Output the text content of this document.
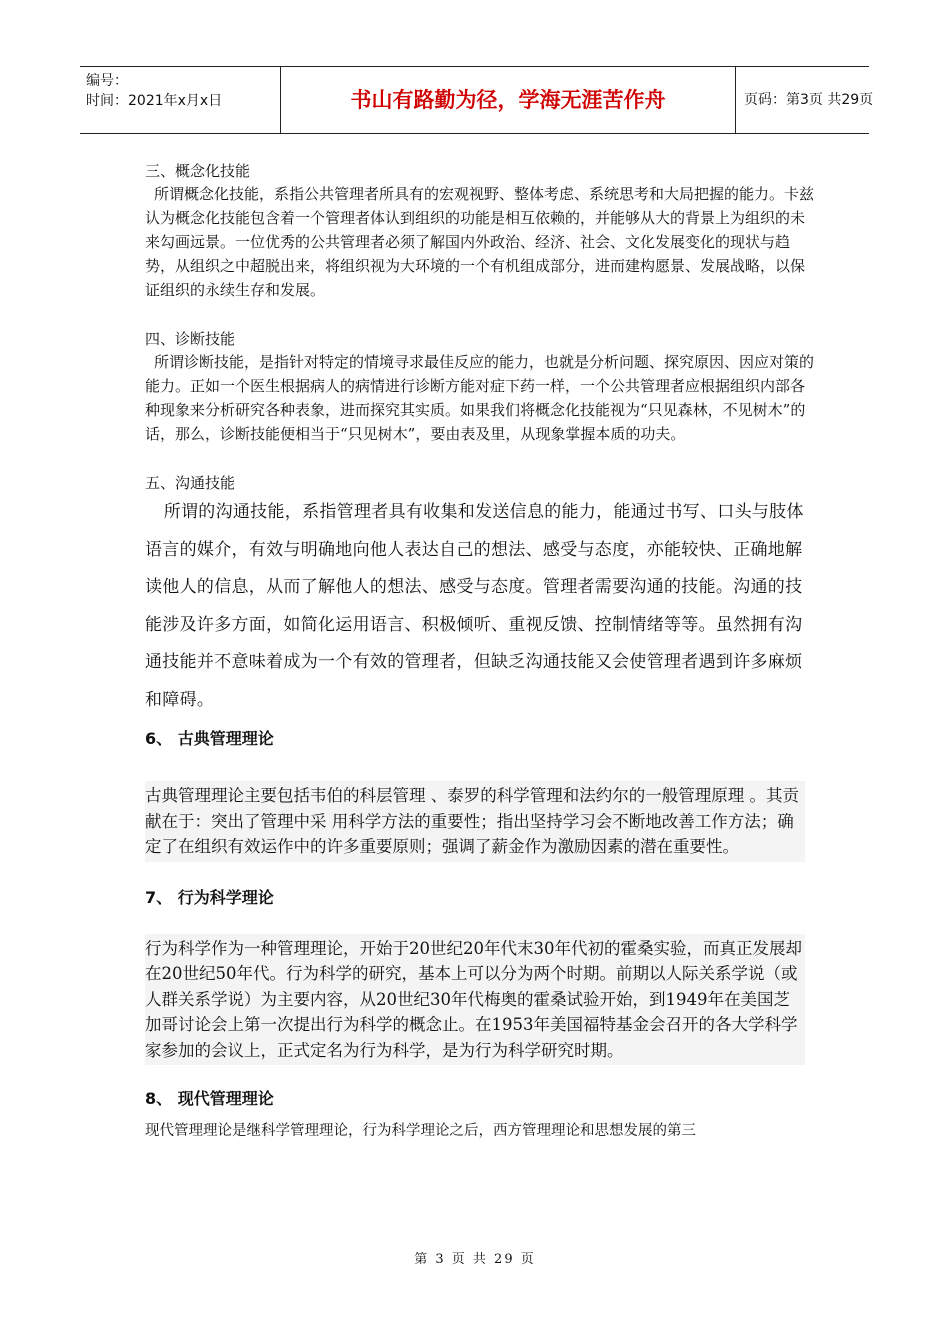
编号：
时间：2021年x月x日	书山有路勤为径，学海无涯苦作舟	页码：第3页 共29页

三、概念化技能

所谓概念化技能，系指公共管理者所具有的宏观视野、整体考虑、系统思考和大局把握的能力。卡兹认为概念化技能包含着一个管理者体认到组织的功能是相互依赖的，并能够从大的背景上为组织的未来勾画远景。一位优秀的公共管理者必须了解国内外政治、经济、社会、文化发展变化的现状与趋势，从组织之中超脱出来，将组织视为大环境的一个有机组成部分，进而建构愿景、发展战略，以保证组织的永续生存和发展。

四、诊断技能

所谓诊断技能，是指针对特定的情境寻求最佳反应的能力，也就是分析问题、探究原因、因应对策的能力。正如一个医生根据病人的病情进行诊断方能对症下药一样，一个公共管理者应根据组织内部各种现象来分析研究各种表象，进而探究其实质。如果我们将概念化技能视为“只见森林，不见树木”的话，那么，诊断技能便相当于“只见树木”，要由表及里，从现象掌握本质的功夫。

五、沟通技能

所谓的沟通技能，系指管理者具有收集和发送信息的能力，能通过书写、口头与肢体语言的媒介，有效与明确地向他人表达自己的想法、感受与态度，亦能较快、正确地解读他人的信息，从而了解他人的想法、感受与态度。管理者需要沟通的技能。沟通的技能涉及许多方面，如简化运用语言、积极倾听、重视反馈、控制情绪等等。虽然拥有沟通技能并不意味着成为一个有效的管理者，但缺乏沟通技能又会使管理者遇到许多麻烦和障碍。

6、 古典管理理论

古典管理理论主要包括韦伯的科层管理 、泰罗的科学管理和法约尔的一般管理原理 。其贡献在于：突出了管理中采 用科学方法的重要性；指出坚持学习会不断地改善工作方法；确定了在组织有效运作中的许多重要原则；强调了薪金作为激励因素的潜在重要性。

7、 行为科学理论

行为科学作为一种管理理论，开始于20世纪20年代末30年代初的霍桑实验，而真正发展却在20世纪50年代。行为科学的研究，基本上可以分为两个时期。前期以人际关系学说（或人群关系学说）为主要内容，从20世纪30年代梅奥的霍桑试验开始，到1949年在美国芝加哥讨论会上第一次提出行为科学的概念止。在1953年美国福特基金会召开的各大学科学家参加的会议上，正式定名为行为科学，是为行为科学研究时期。

8、 现代管理理论

现代管理理论是继科学管理理论，行为科学理论之后，西方管理理论和思想发展的第三

第 3 页 共 29 页
